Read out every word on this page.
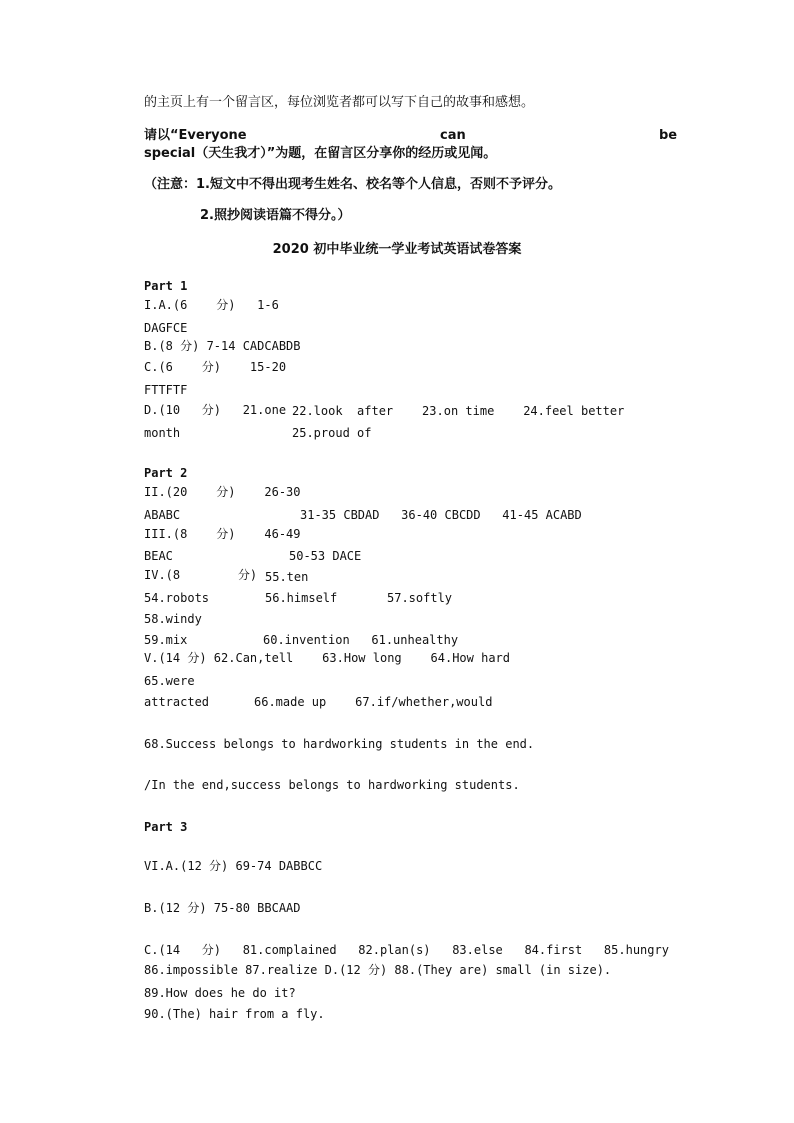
的主页上有一个留言区，每位浏览者都可以写下自己的故事和感想。
请以“Everyone	can	be
special（天生我才）”为题，在留言区分享你的经历或见闻。
（注意：1.短文中不得出现考生姓名、校名等个人信息，否则不予评分。
2.照抄阅读语篇不得分。）
2020 初中毕业统一学业考试英语试卷答案
Part 1
I.A.(6    分)   1-6
DAGFCE
B.(8 分) 7-14 CADCABDB
C.(6    分)    15-20
FTTFTF
D.(10   分)   21.one 22.look  after    23.on time    24.feel better
month	25.proud of
Part 2
II.(20    分)    26-30
ABABC	31-35 CBDAD   36-40 CBCDD   41-45 ACABD
III.(8    分)    46-49
BEAC	50-53 DACE
IV.(8        分) 55.ten
54.robots	56.himself	57.softly
58.windy
59.mix	60.invention   61.unhealthy
V.(14 分) 62.Can,tell    63.How long    64.How hard
65.were
attracted	66.made up    67.if/whether,would
68.Success belongs to hardworking students in the end.
/In the end,success belongs to hardworking students.
Part 3
VI.A.(12 分) 69-74 DABBCC
B.(12 分) 75-80 BBCAAD
C.(14   分)   81.complained   82.plan(s)   83.else   84.first   85.hungry
86.impossible 87.realize D.(12 分) 88.(They are) small (in size).
89.How does he do it?
90.(The) hair from a fly.
